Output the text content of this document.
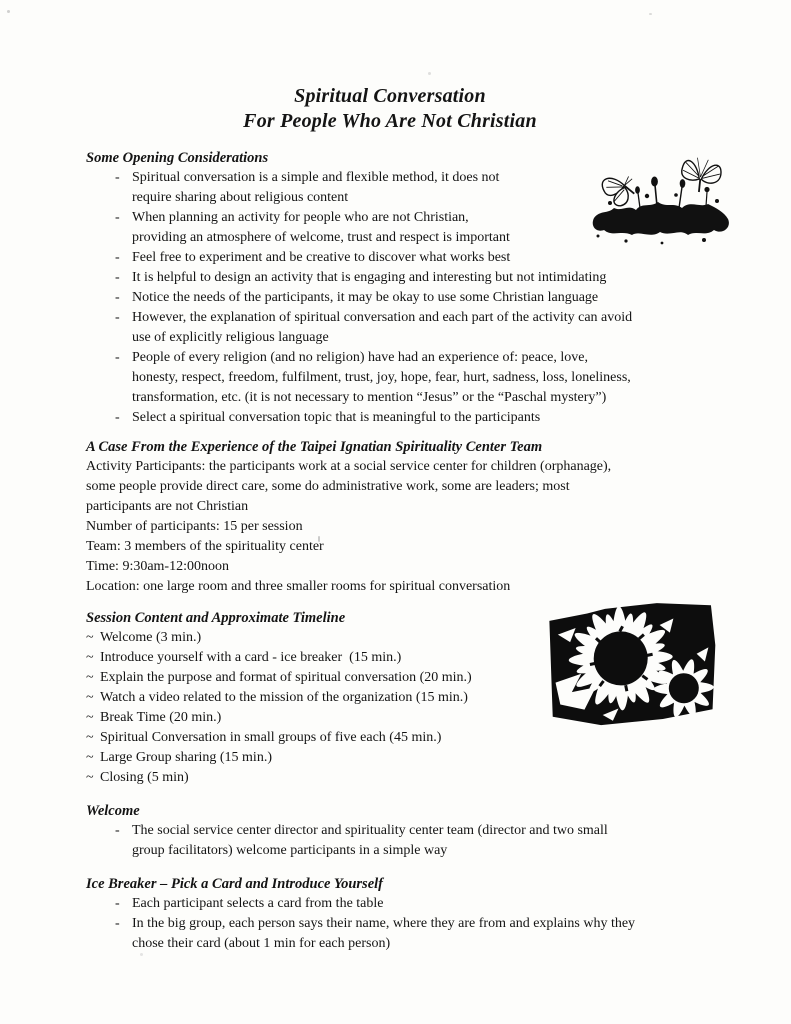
Spiritual Conversation
For People Who Are Not Christian
Some Opening Considerations
- Spiritual conversation is a simple and flexible method, it does not
require sharing about religious content
- When planning an activity for people who are not Christian,
providing an atmosphere of welcome, trust and respect is important
- Feel free to experiment and be creative to discover what works best
- It is helpful to design an activity that is engaging and interesting but not intimidating
- Notice the needs of the participants, it may be okay to use some Christian language
- However, the explanation of spiritual conversation and each part of the activity can avoid
use of explicitly religious language
- People of every religion (and no religion) have had an experience of: peace, love,
honesty, respect, freedom, fulfilment, trust, joy, hope, fear, hurt, sadness, loss, loneliness,
transformation, etc. (it is not necessary to mention “Jesus” or the “Paschal mystery”)
- Select a spiritual conversation topic that is meaningful to the participants
A Case From the Experience of the Taipei Ignatian Spirituality Center Team
Activity Participants: the participants work at a social service center for children (orphanage),
some people provide direct care, some do administrative work, some are leaders; most
participants are not Christian
Number of participants: 15 per session
Team: 3 members of the spirituality center
Time: 9:30am-12:00noon
Location: one large room and three smaller rooms for spiritual conversation
Session Content and Approximate Timeline
~ Welcome (3 min.)
~ Introduce yourself with a card - ice breaker  (15 min.)
~ Explain the purpose and format of spiritual conversation (20 min.)
~ Watch a video related to the mission of the organization (15 min.)
~ Break Time (20 min.)
~ Spiritual Conversation in small groups of five each (45 min.)
~ Large Group sharing (15 min.)
~ Closing (5 min)
Welcome
- The social service center director and spirituality center team (director and two small
group facilitators) welcome participants in a simple way
Ice Breaker – Pick a Card and Introduce Yourself
- Each participant selects a card from the table
- In the big group, each person says their name, where they are from and explains why they
chose their card (about 1 min for each person)
